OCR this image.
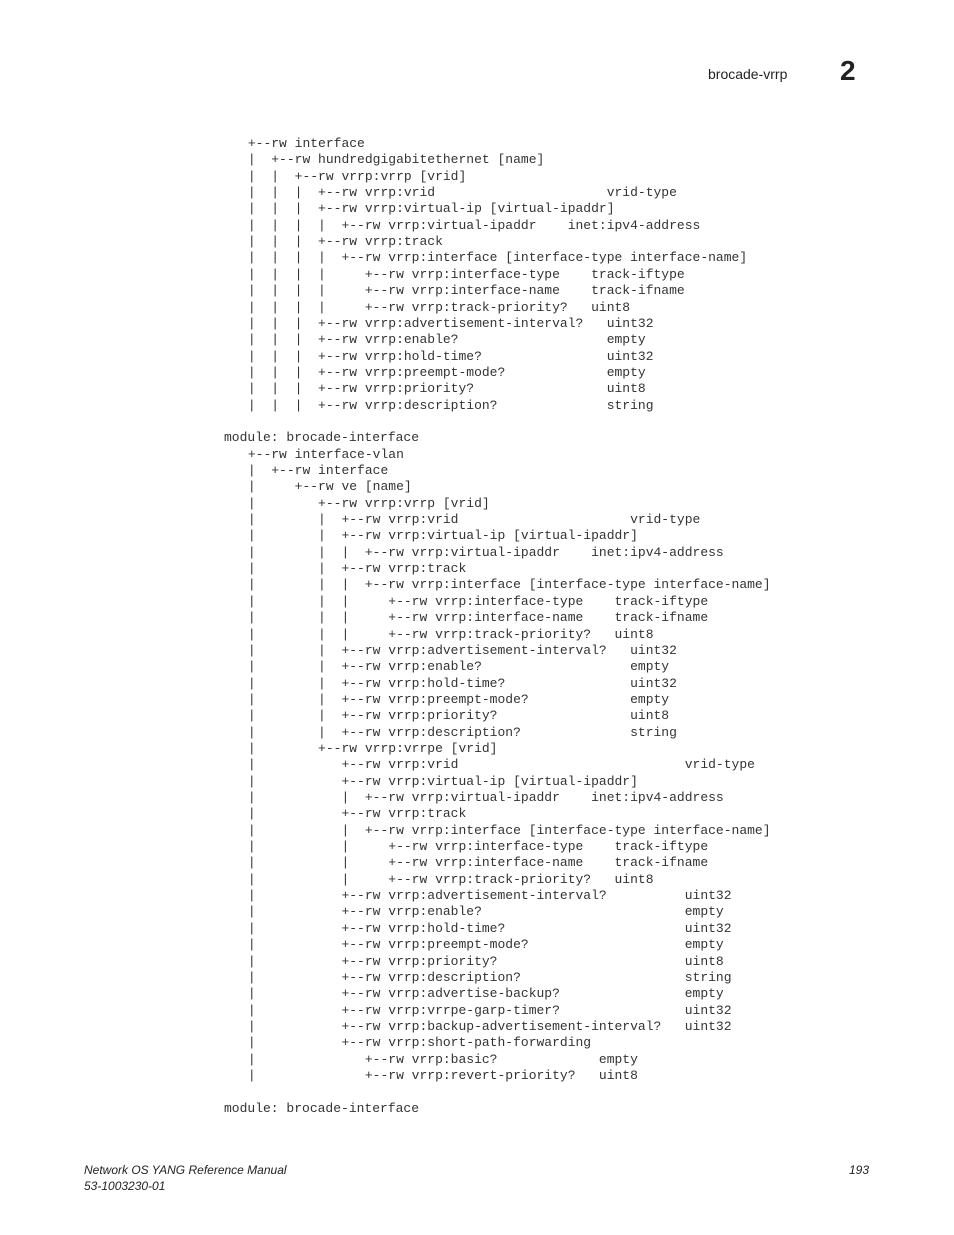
brocade-vrrp 2
+--rw interface
|  +--rw hundredgigabitethernet [name]
|  |  +--rw vrrp:vrrp [vrid]
|  |  |  +--rw vrrp:vrid                      vrid-type
|  |  |  +--rw vrrp:virtual-ip [virtual-ipaddr]
|  |  |  |  +--rw vrrp:virtual-ipaddr    inet:ipv4-address
|  |  |  +--rw vrrp:track
|  |  |  |  +--rw vrrp:interface [interface-type interface-name]
|  |  |  |     +--rw vrrp:interface-type    track-iftype
|  |  |  |     +--rw vrrp:interface-name    track-ifname
|  |  |  |     +--rw vrrp:track-priority?   uint8
|  |  |  +--rw vrrp:advertisement-interval?   uint32
|  |  |  +--rw vrrp:enable?                   empty
|  |  |  +--rw vrrp:hold-time?                uint32
|  |  |  +--rw vrrp:preempt-mode?             empty
|  |  |  +--rw vrrp:priority?                 uint8
|  |  |  +--rw vrrp:description?              string
module: brocade-interface
+--rw interface-vlan
|  +--rw interface
|     +--rw ve [name]
|        +--rw vrrp:vrrp [vrid]
|        |  +--rw vrrp:vrid                      vrid-type
|        |  +--rw vrrp:virtual-ip [virtual-ipaddr]
|        |  |  +--rw vrrp:virtual-ipaddr    inet:ipv4-address
|        |  +--rw vrrp:track
|        |  |  +--rw vrrp:interface [interface-type interface-name]
|        |  |     +--rw vrrp:interface-type    track-iftype
|        |  |     +--rw vrrp:interface-name    track-ifname
|        |  |     +--rw vrrp:track-priority?   uint8
|        |  +--rw vrrp:advertisement-interval?   uint32
|        |  +--rw vrrp:enable?                   empty
|        |  +--rw vrrp:hold-time?                uint32
|        |  +--rw vrrp:preempt-mode?             empty
|        |  +--rw vrrp:priority?                 uint8
|        |  +--rw vrrp:description?              string
|        +--rw vrrp:vrrpe [vrid]
|           +--rw vrrp:vrid                             vrid-type
|           +--rw vrrp:virtual-ip [virtual-ipaddr]
|           |  +--rw vrrp:virtual-ipaddr    inet:ipv4-address
|           +--rw vrrp:track
|           |  +--rw vrrp:interface [interface-type interface-name]
|           |     +--rw vrrp:interface-type    track-iftype
|           |     +--rw vrrp:interface-name    track-ifname
|           |     +--rw vrrp:track-priority?   uint8
|           +--rw vrrp:advertisement-interval?          uint32
|           +--rw vrrp:enable?                          empty
|           +--rw vrrp:hold-time?                       uint32
|           +--rw vrrp:preempt-mode?                    empty
|           +--rw vrrp:priority?                        uint8
|           +--rw vrrp:description?                     string
|           +--rw vrrp:advertise-backup?                empty
|           +--rw vrrp:vrrpe-garp-timer?                uint32
|           +--rw vrrp:backup-advertisement-interval?   uint32
|           +--rw vrrp:short-path-forwarding
|              +--rw vrrp:basic?             empty
|              +--rw vrrp:revert-priority?   uint8
module: brocade-interface
Network OS YANG Reference Manual
53-1003230-01
193
